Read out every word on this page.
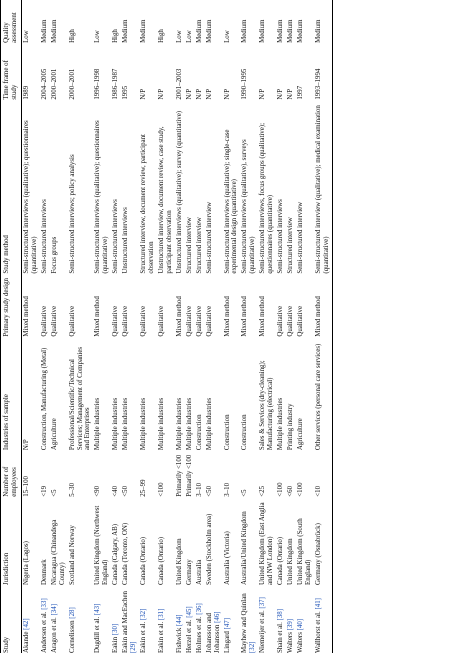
Study	Jurisdiction	Number of employees	Industries of sample	Primary study design	Study method	Time frame of study	Quality assessment
Akande [42]	Nigeria (Lagos)	15–100	N/P	Mixed method	Semi-structured interviews (qualitative); questionnaires (quantitative)	1989	Low
Andersen et al. [33]	Denmark	<19	Construction, Manufacturing (Metal)	Qualitative	Semi-structured interviews	2004–2005	Medium
Aragon et al. [34]	Nicaragua (Chinandega County)	<5	Agriculture	Qualitative	Focus groups	2000–2001	Medium
Cornelissen [28]	Scotland and Norway	5–30	Professional/Scientific/Technical Services; Management of Companies and Enterprises	Qualitative	Semi-structured interviews; policy analysis	2000–2001	High
Dugdill et al. [43]	United Kingdom (Northwest England)	<90	Multiple industries	Mixed method	Semi-structured interviews (qualitative); questionnaires (quantitative)	1996–1998	Low
Eakin [30]	Canada (Calgary, AB)	<40	Multiple industries	Qualitative	Semi-structured interviews	1986–1987	High
Eakin and MacEachen [29]	Canada (Toronto, ON)	<50	Multiple industries	Qualitative	Unstructured interviews	1995	Medium
Eakin et al. [32]	Canada (Ontario)	25–99	Multiple industries	Qualitative	Structured interview, document review, participant observation	N/P	Medium
Eakin et al. [31]	Canada (Ontario)	<100	Multiple industries	Qualitative	Unstructured interview, document review, case study, participant observation	N/P	High
Fishwick [44]	United Kingdom	Primarily <100	Multiple industries	Mixed method	Unstructured interviews (qualitative); survey (quantitative)	2001–2003	Low
Herzel et al. [45]	Germany	Primarily <100	Multiple industries	Qualitative	Structured interview	N/P	Low
Holmes et al. [36]	Australia	3–10	Construction	Qualitative	Structured interview	N/P	Medium
Johansson and Johansson [46]	Sweden (Stockholm area)	<50	Multiple industries	Qualitative	Semi-structured interview	N/P	Medium
Lingard [47]	Australia (Victoria)	3–10	Construction	Mixed method	Semi-structured interviews (qualitative); single-case experimental design (quantitative)	N/P	Low
Mayhew and Quinlan [32]	Australia/United Kingdom	<5	Construction	Mixed method	Semi-structured interviews (qualitative), surveys (quantitative)	1990–1995	Medium
Niemeijer et al. [37]	United Kingdom (East Anglia and NW London)	<25	Sales & Services (dry-cleaning); Manufacturing (electrical)	Mixed method	Semi-structured interviews, focus groups (qualitative); questionnaires (quantitative)	N/P	Medium
Shain et al. [38]	Canada (Ontario)	<100	Multiple industries	Qualitative	Semi-structured interviews	N/P	Medium
Walters [39]	United Kingdom	<60	Printing industry	Qualitative	Structured interview	N/P	Medium
Walters [40]	United Kingdom (South England)	<100	Agriculture	Qualitative	Semi-structured interview	1997	Medium
Wallhorst et al. [41]	Germany (Osnabrück)	<10	Other services (personal care services)	Mixed method	Semi-structured interview (qualitative); medical examination (quantitative)	1993–1994	Medium
